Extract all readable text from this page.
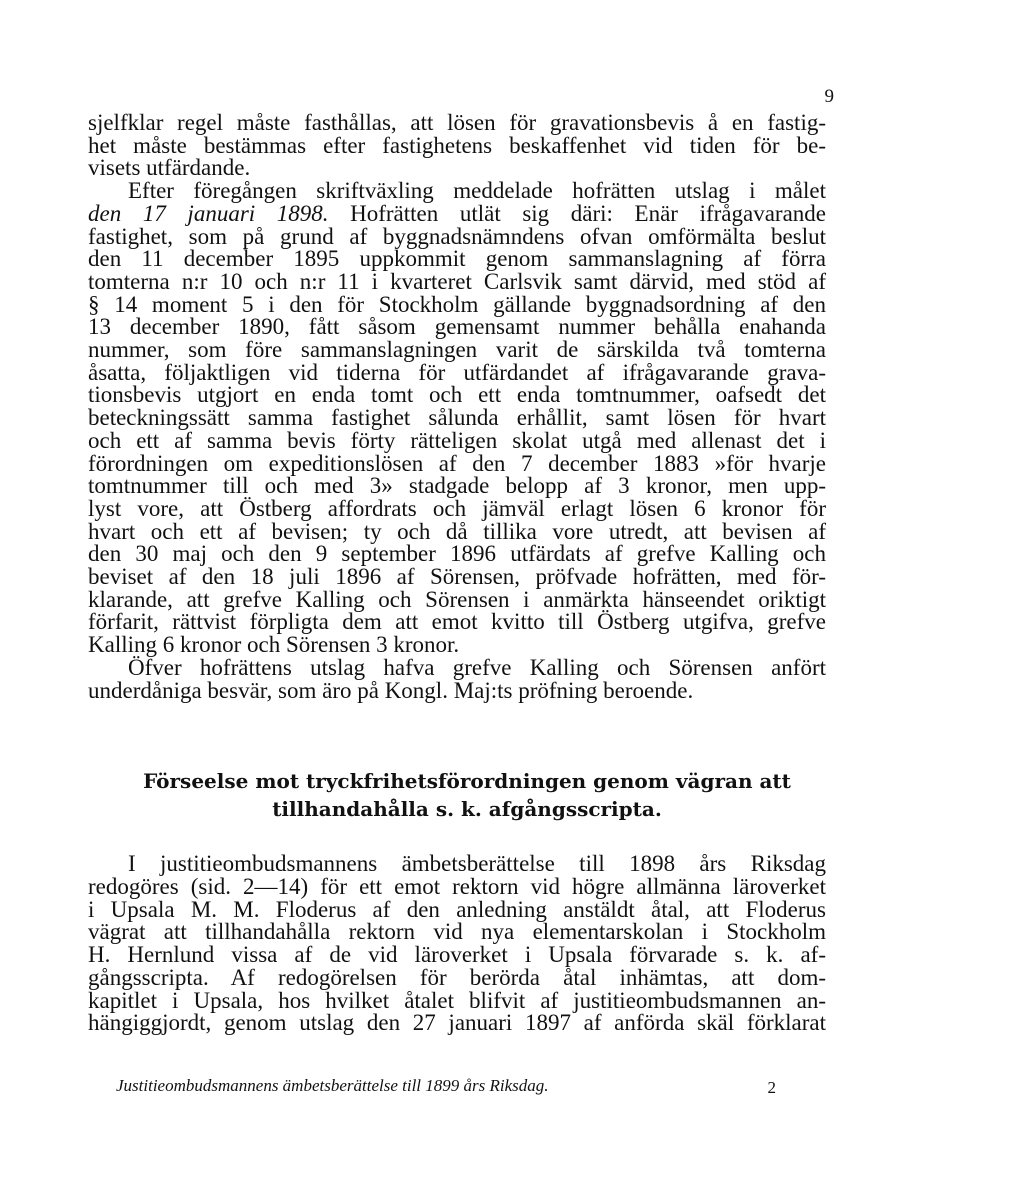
9
sjelfklar regel måste fasthållas, att lösen för gravationsbevis å en fastig-
het måste bestämmas efter fastighetens beskaffenhet vid tiden för be-
visets utfärdande.
Efter föregången skriftväxling meddelade hofrätten utslag i målet
den 17 januari 1898. Hofrätten utlät sig däri: Enär ifrågavarande
fastighet, som på grund af byggnadsnämndens ofvan omförmälta beslut
den 11 december 1895 uppkommit genom sammanslagning af förra
tomterna n:r 10 och n:r 11 i kvarteret Carlsvik samt därvid, med stöd af
§ 14 moment 5 i den för Stockholm gällande byggnadsordning af den
13 december 1890, fått såsom gemensamt nummer behålla enahanda
nummer, som före sammanslagningen varit de särskilda två tomterna
åsatta, följaktligen vid tiderna för utfärdandet af ifrågavarande grava-
tionsbevis utgjort en enda tomt och ett enda tomtnummer, oafsedt det
beteckningssätt samma fastighet sålunda erhållit, samt lösen för hvart
och ett af samma bevis förty rätteligen skolat utgå med allenast det i
förordningen om expeditionslösen af den 7 december 1883 »för hvarje
tomtnummer till och med 3» stadgade belopp af 3 kronor, men upp-
lyst vore, att Östberg affordrats och jämväl erlagt lösen 6 kronor för
hvart och ett af bevisen; ty och då tillika vore utredt, att bevisen af
den 30 maj och den 9 september 1896 utfärdats af grefve Kalling och
beviset af den 18 juli 1896 af Sörensen, pröfvade hofrätten, med för-
klarande, att grefve Kalling och Sörensen i anmärkta hänseendet oriktigt
förfarit, rättvist förpligta dem att emot kvitto till Östberg utgifva, grefve
Kalling 6 kronor och Sörensen 3 kronor.
Öfver hofrättens utslag hafva grefve Kalling och Sörensen anfört
underdåniga besvär, som äro på Kongl. Maj:ts pröfning beroende.
Förseelse mot tryckfrihetsförordningen genom vägran att
tillhandahålla s. k. afgångsscripta.
I justitieombudsmannens ämbetsberättelse till 1898 års Riksdag
redogöres (sid. 2—14) för ett emot rektorn vid högre allmänna läroverket
i Upsala M. M. Floderus af den anledning anstäldt åtal, att Floderus
vägrat att tillhandahålla rektorn vid nya elementarskolan i Stockholm
H. Hernlund vissa af de vid läroverket i Upsala förvarade s. k. af-
gångsscripta. Af redogörelsen för berörda åtal inhämtas, att dom-
kapitlet i Upsala, hos hvilket åtalet blifvit af justitieombudsmannen an-
hängiggjordt, genom utslag den 27 januari 1897 af anförda skäl förklarat
Justitieombudsmannens ämbetsberättelse till 1899 års Riksdag.	2
